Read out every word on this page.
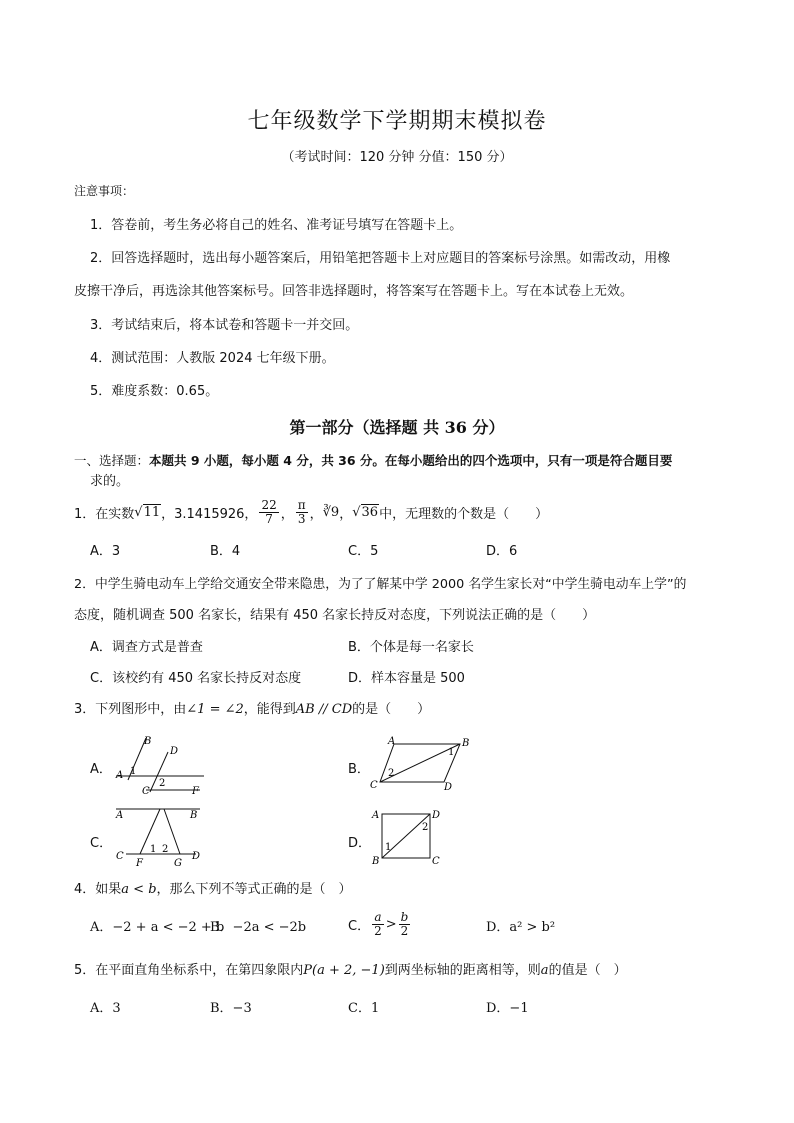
七年级数学下学期期末模拟卷
（考试时间：120 分钟 分值：150 分）
注意事项：
1．答卷前，考生务必将自己的姓名、准考证号填写在答题卡上。
2．回答选择题时，选出每小题答案后，用铅笔把答题卡上对应题目的答案标号涂黑。如需改动，用橡
皮擦干净后，再选涂其他答案标号。回答非选择题时，将答案写在答题卡上。写在本试卷上无效。
3．考试结束后，将本试卷和答题卡一并交回。
4．测试范围：人教版 2024 七年级下册。
5．难度系数：0.65。
第一部分（选择题 共 36 分）
一、选择题：本题共 9 小题，每小题 4 分，共 36 分。在每小题给出的四个选项中，只有一项是符合题目要
求的。
1．在实数 √11 ，3.1415926， $\frac{22}{7}$ ， $\frac{\pi}{3}$ ， ∛9 ， √36 中，无理数的个数是（　　）
A．3	B．4	C．5	D．6
2．中学生骑电动车上学给交通安全带来隐患，为了了解某中学 2000 名学生家长对“中学生骑电动车上学”的
态度，随机调查 500 名家长，结果有 450 名家长持反对态度，下列说法正确的是（　　）
A．调查方式是普查	B．个体是每一名家长
C．该校约有 450 名家长持反对态度	D．样本容量是 500
3．下列图形中，由∠1 = ∠2，能得到AB // CD的是（　　）
A．
B
D
A 1
C
2
F
B．
A	B
C	D
2
1
C．
A	B
C
1 2
F	G
D
D．
A	D
B	C
1
2
4．如果a < b，那么下列不等式正确的是（　）
A．−2 + a < −2 + b
B．−2a < −2b	C． $\frac{a}{2} > \frac{b}{2}$	D．a² > b²
5．在平面直角坐标系中，在第四象限内P(a + 2, −1)到两坐标轴的距离相等，则a的值是（　）
A．3	B．−3	C．1	D．−1
